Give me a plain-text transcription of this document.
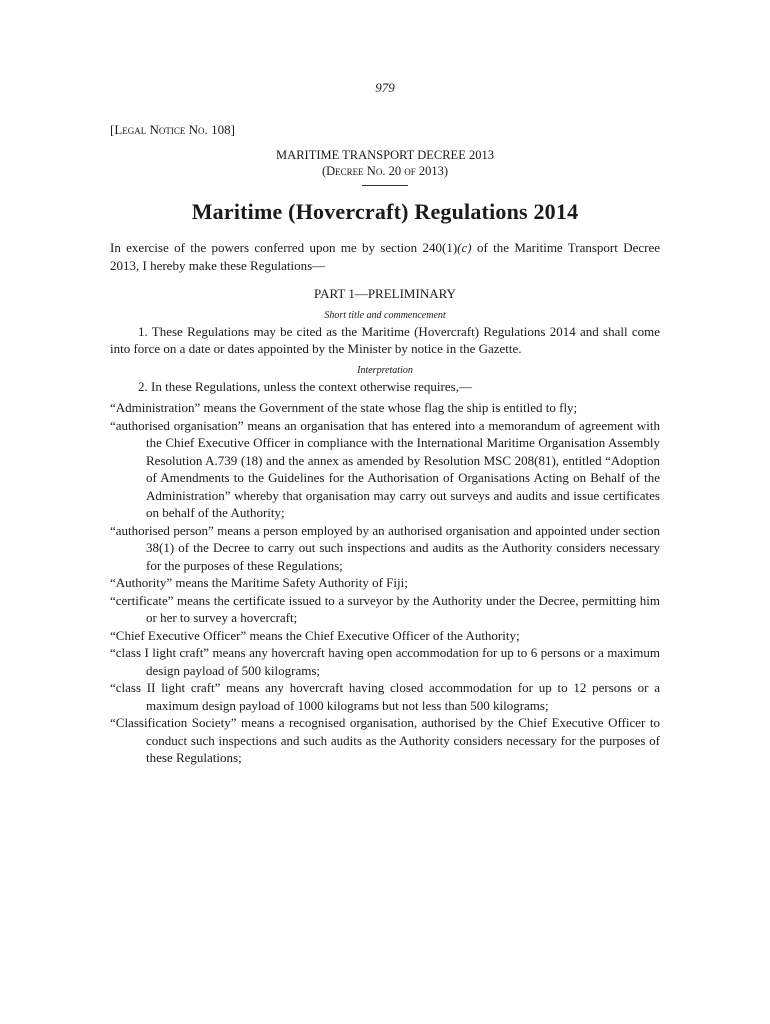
979
[Legal Notice No. 108]
MARITIME TRANSPORT DECREE 2013
(Decree No. 20 of 2013)
Maritime (Hovercraft) Regulations 2014

In exercise of the powers conferred upon me by section 240(1)(c) of the Maritime Transport Decree 2013, I hereby make these Regulations—

PART 1—PRELIMINARY
Short title and commencement

1. These Regulations may be cited as the Maritime (Hovercraft) Regulations 2014 and shall come into force on a date or dates appointed by the Minister by notice in the Gazette.

Interpretation

2. In these Regulations, unless the context otherwise requires,—

“Administration” means the Government of the state whose flag the ship is entitled to fly;

“authorised organisation” means an organisation that has entered into a memorandum of agreement with the Chief Executive Officer in compliance with the International Maritime Organisation Assembly Resolution A.739 (18) and the annex as amended by Resolution MSC 208(81), entitled “Adoption of Amendments to the Guidelines for the Authorisation of Organisations Acting on Behalf of the Administration” whereby that organisation may carry out surveys and audits and issue certificates on behalf of the Authority;

“authorised person” means a person employed by an authorised organisation and appointed under section 38(1) of the Decree to carry out such inspections and audits as the Authority considers necessary for the purposes of these Regulations;

“Authority” means the Maritime Safety Authority of Fiji;

“certificate” means the certificate issued to a surveyor by the Authority under the Decree, permitting him or her to survey a hovercraft;

“Chief Executive Officer” means the Chief Executive Officer of the Authority;

“class I light craft” means any hovercraft having open accommodation for up to 6 persons or a maximum design payload of 500 kilograms;

“class II light craft” means any hovercraft having closed accommodation for up to 12 persons or a maximum design payload of 1000 kilograms but not less than 500 kilograms;

“Classification Society” means a recognised organisation, authorised by the Chief Executive Officer to conduct such inspections and such audits as the Authority considers necessary for the purposes of these Regulations;
